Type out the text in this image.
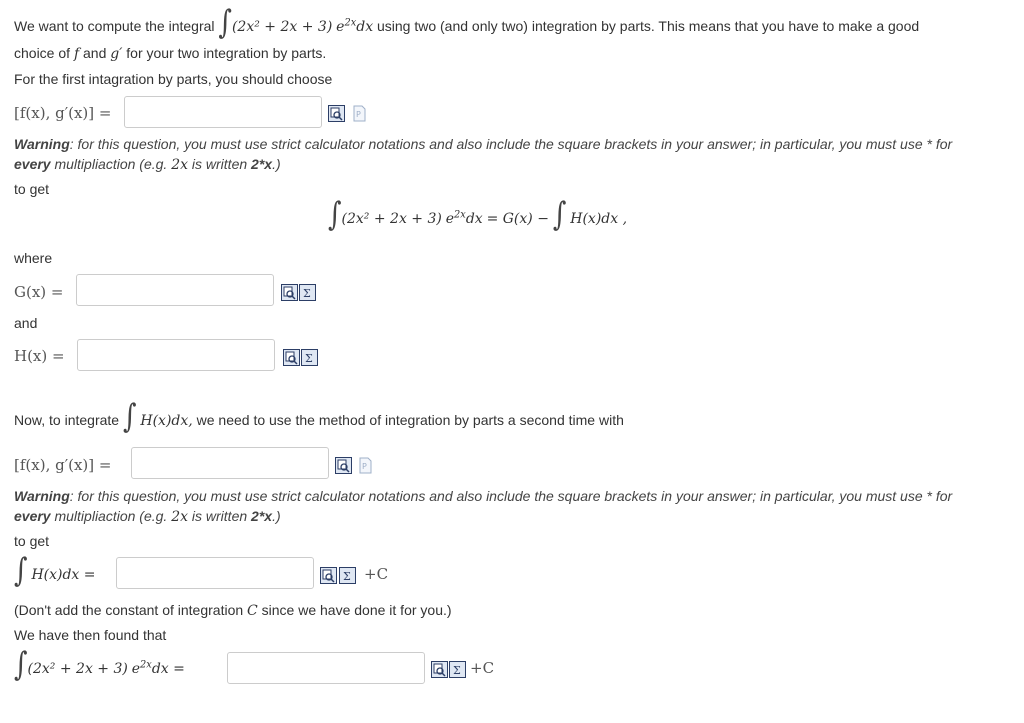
We want to compute the integral ∫(2x² + 2x + 3) $e^{2x}dx$ using two (and only two) integration by parts. This means that you have to make a good
choice of f and g′ for your two integration by parts.
For the first intagration by parts, you should choose
[f(x), g′(x)] =	P
Warning: for this question, you must use strict calculator notations and also include the square brackets in your answer; in particular, you must use * for
every multipliaction (e.g. 2x is written 2*x.)
to get
∫(2x² + 2x + 3) $e^{2x}dx = G(x)$ − ∫ H(x)dx ,
where
G(x) =	Σ
and
H(x) =	Σ
Now, to integrate ∫ H(x)dx, we need to use the method of integration by parts a second time with
[f(x), g′(x)] =	P
Warning: for this question, you must use strict calculator notations and also include the square brackets in your answer; in particular, you must use * for
every multipliaction (e.g. 2x is written 2*x.)
to get
∫ H(x)dx =	Σ +C
(Don't add the constant of integration C since we have done it for you.)
We have then found that
∫(2x² + 2x + 3) $e^{2x}dx$ =	Σ +C
